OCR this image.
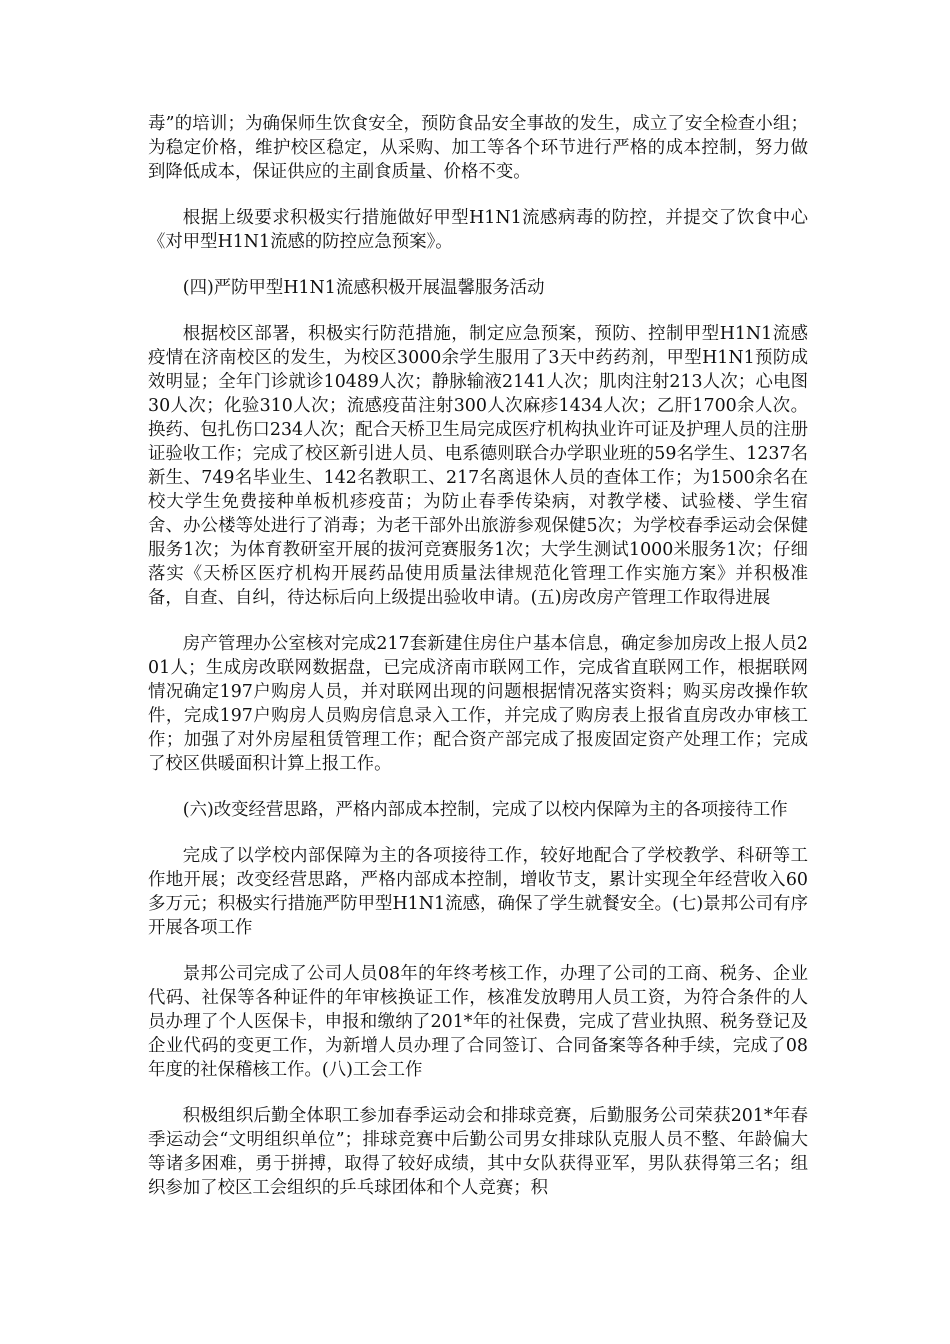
毒”的培训；为确保师生饮食安全，预防食品安全事故的发生，成立了安全检查小组；为稳定价格，维护校区稳定，从采购、加工等各个环节进行严格的成本控制，努力做到降低成本，保证供应的主副食质量、价格不变。

根据上级要求积极实行措施做好甲型H1N1流感病毒的防控，并提交了饮食中心《对甲型H1N1流感的防控应急预案》。

(四)严防甲型H1N1流感积极开展温馨服务活动

根据校区部署，积极实行防范措施，制定应急预案，预防、控制甲型H1N1流感疫情在济南校区的发生，为校区3000余学生服用了3天中药药剂，甲型H1N1预防成效明显；全年门诊就诊10489人次；静脉输液2141人次；肌肉注射213人次；心电图30人次；化验310人次；流感疫苗注射300人次麻疹1434人次；乙肝1700余人次。换药、包扎伤口234人次；配合天桥卫生局完成医疗机构执业许可证及护理人员的注册证验收工作；完成了校区新引进人员、电系德则联合办学职业班的59名学生、1237名新生、749名毕业生、142名教职工、217名离退休人员的查体工作；为1500余名在校大学生免费接种单板机疹疫苗；为防止春季传染病，对教学楼、试验楼、学生宿舍、办公楼等处进行了消毒；为老干部外出旅游参观保健5次；为学校春季运动会保健服务1次；为体育教研室开展的拔河竞赛服务1次；大学生测试1000米服务1次；仔细落实《天桥区医疗机构开展药品使用质量法律规范化管理工作实施方案》并积极准备，自查、自纠，待达标后向上级提出验收申请。(五)房改房产管理工作取得进展

房产管理办公室核对完成217套新建住房住户基本信息，确定参加房改上报人员201人；生成房改联网数据盘，已完成济南市联网工作，完成省直联网工作，根据联网情况确定197户购房人员，并对联网出现的问题根据情况落实资料；购买房改操作软件，完成197户购房人员购房信息录入工作，并完成了购房表上报省直房改办审核工作；加强了对外房屋租赁管理工作；配合资产部完成了报废固定资产处理工作；完成了校区供暖面积计算上报工作。

(六)改变经营思路，严格内部成本控制，完成了以校内保障为主的各项接待工作

完成了以学校内部保障为主的各项接待工作，较好地配合了学校教学、科研等工作地开展；改变经营思路，严格内部成本控制，增收节支，累计实现全年经营收入60多万元；积极实行措施严防甲型H1N1流感，确保了学生就餐安全。(七)景邦公司有序开展各项工作

景邦公司完成了公司人员08年的年终考核工作，办理了公司的工商、税务、企业代码、社保等各种证件的年审核换证工作，核准发放聘用人员工资，为符合条件的人员办理了个人医保卡，申报和缴纳了201*年的社保费，完成了营业执照、税务登记及企业代码的变更工作，为新增人员办理了合同签订、合同备案等各种手续，完成了08年度的社保稽核工作。(八)工会工作

积极组织后勤全体职工参加春季运动会和排球竞赛，后勤服务公司荣获201*年春季运动会“文明组织单位”；排球竞赛中后勤公司男女排球队克服人员不整、年龄偏大等诸多困难，勇于拼搏，取得了较好成绩，其中女队获得亚军，男队获得第三名；组织参加了校区工会组织的乒乓球团体和个人竞赛；积
